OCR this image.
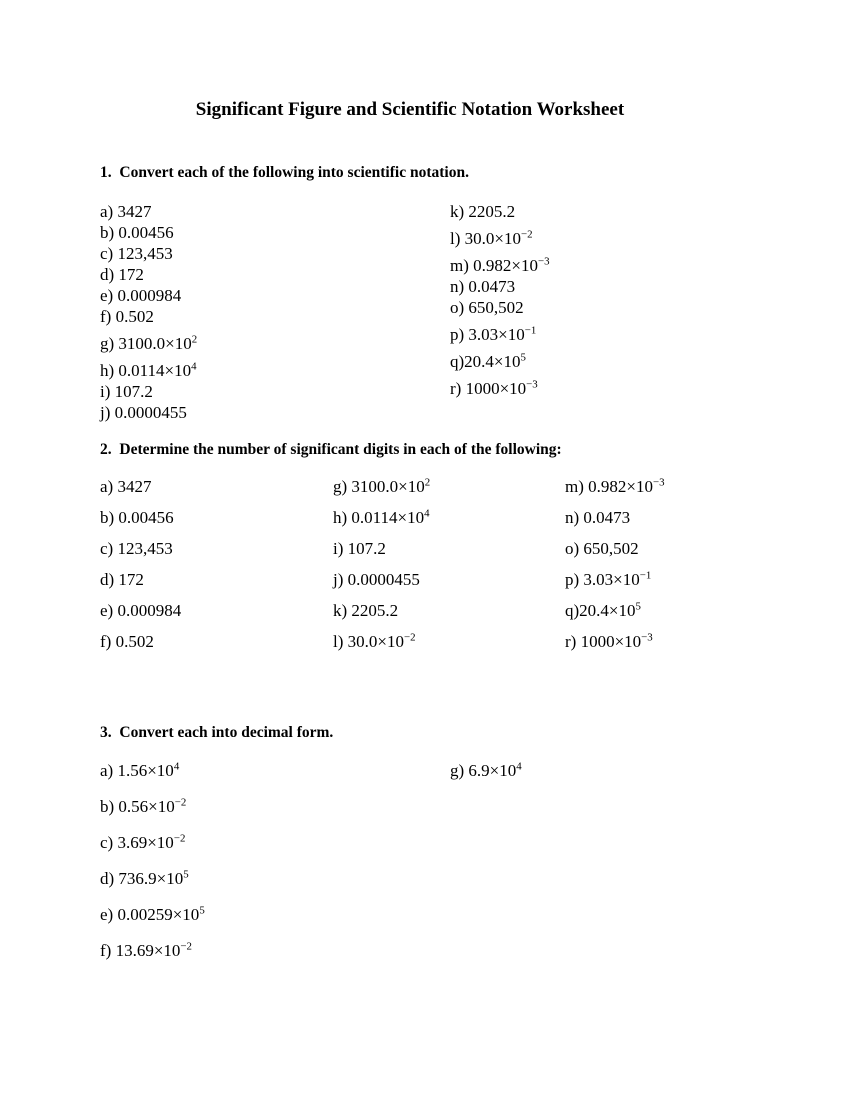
Significant Figure and Scientific Notation Worksheet
1.  Convert each of the following into scientific notation.
a) 3427
b) 0.00456
c) 123,453
d) 172
e) 0.000984
f) 0.502
g) $3100.0\times 10^2$
h) $0.0114\times 10^4$
i) 107.2
j) 0.0000455
k) 2205.2
l) $30.0\times 10^{-2}$
m) $0.982\times 10^{-3}$
n) 0.0473
o) 650,502
p) $3.03\times 10^{-1}$
$q)20.4\times 10^5$
r) $1000\times 10^{-3}$
2.  Determine the number of significant digits in each of the following:
a) 3427
b) 0.00456
c) 123,453
d) 172
e) 0.000984
f) 0.502
g) $3100.0\times 10^2$
h) $0.0114\times 10^4$
i) 107.2
j) 0.0000455
k) 2205.2
l) $30.0\times 10^{-2}$
m) $0.982\times 10^{-3}$
n) 0.0473
o) 650,502
p) $3.03\times 10^{-1}$
$q)20.4\times 10^5$
r) $1000\times 10^{-3}$
3.  Convert each into decimal form.
a) $1.56\times 10^4$
b) $0.56\times 10^{-2}$
c) $3.69\times 10^{-2}$
d) $736.9\times 10^5$
e) $0.00259\times 10^5$
f) $13.69\times 10^{-2}$
g) $6.9\times 10^4$
